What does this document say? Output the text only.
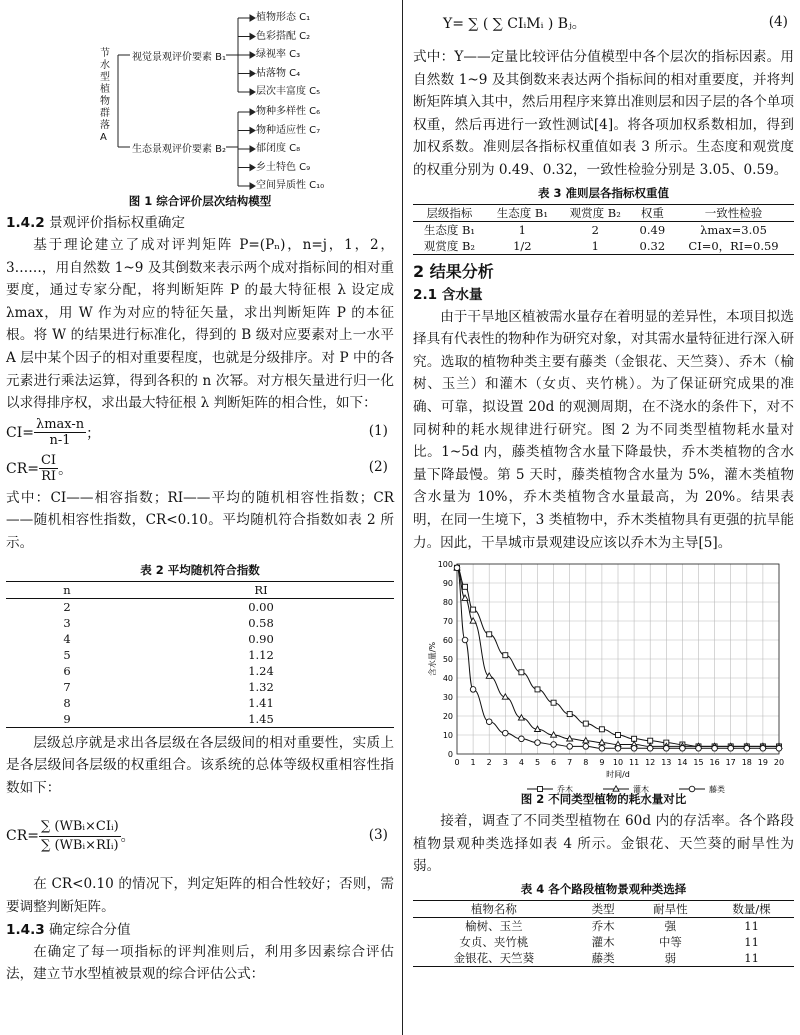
节水型植物群落A
视觉景观评价要素 B₁
生态景观评价要素 B₂
植物形态 C₁
色彩搭配 C₂
绿视率 C₃
枯落物 C₄
层次丰富度 C₅
物种多样性 C₆
物种适应性 C₇
郁闭度 C₈
乡土特色 C₉
空间异质性 C₁₀
图 1 综合评价层次结构模型
1.4.2 景观评价指标权重确定

基于理论建立了成对评判矩阵 P=(Pₙ)，n=j，1，2，3……，用自然数 1~9 及其倒数来表示两个成对指标间的相对重要度，通过专家分配，将判断矩阵 P 的最大特征根 λ 设定成 λmax，用 W 作为对应的特征矢量，求出判断矩阵 P 的本征根。将 W 的结果进行标准化，得到的 B 级对应要素对上一水平 A 层中某个因子的相对重要程度，也就是分级排序。对 P 中的各元素进行乘法运算，得到各积的 n 次幂。对方根矢量进行归一化以求得排序权，求出最大特征根 λ 判断矩阵的相合性，如下：

$CI= \frac{\lambda\max-n}{n-1}$ ；	(1)
$CR= \frac{CI}{RI}$ 。	(2)

式中：CI——相容指数；RI——平均的随机相容性指数；CR——随机相容性指数，CR<0.10。平均随机符合指数如表 2 所示。

表 2 平均随机符合指数
n	RI
2	0.00
3	0.58
4	0.90
5	1.12
6	1.24
7	1.32
8	1.41
9	1.45

层级总序就是求出各层级在各层级间的相对重要性，实质上是各层级间各层级的权重组合。该系统的总体等级权重相容性指数如下：

$CR= \frac{\text{∑ (WBᵢ×CIᵢ)}}{\text{∑ (WBᵢ×RIᵢ)}}$ 。	(3)

在 CR<0.10 的情况下，判定矩阵的相合性较好；否则，需要调整判断矩阵。

1.4.3 确定综合分值

在确定了每一项指标的评判准则后，利用多因素综合评估法，建立节水型植被景观的综合评估公式：

Y= ∑ ( ∑ CIᵢMᵢ ) Bⱼ。	(4)

式中：Y——定量比较评估分值模型中各个层次的指标因素。用自然数 1~9 及其倒数来表达两个指标间的相对重要度，并将判断矩阵填入其中，然后用程序来算出准则层和因子层的各个单项权重，然后再进行一致性测试[4]。将各项加权系数相加，得到加权系数。准则层各指标权重值如表 3 所示。生态度和观赏度的权重分别为 0.49、0.32，一致性检验分别是 3.05、0.59。

表 3 准则层各指标权重值
层级指标	生态度 B₁	观赏度 B₂	权重	一致性检验
生态度 B₁	1	2	0.49	λmax=3.05
观赏度 B₂	1/2	1	0.32	CI=0，RI=0.59
2 结果分析
2.1 含水量

由于干旱地区植被需水量存在着明显的差异性，本项目拟选择具有代表性的物种作为研究对象，对其需水量特征进行深入研究。选取的植物种类主要有藤类（金银花、天竺葵）、乔木（榆树、玉兰）和灌木（女贞、夹竹桃）。为了保证研究成果的准确、可靠，拟设置 20d 的观测周期，在不浇水的条件下，对不同树种的耗水规律进行研究。图 2 为不同类型植物耗水量对比。1~5d 内，藤类植物含水量下降最快，乔木类植物的含水量下降最慢。第 5 天时，藤类植物含水量为 5%，灌木类植物含水量为 10%，乔木类植物含水量最高，为 20%。结果表明，在同一生境下，3 类植物中，乔木类植物具有更强的抗旱能力。因此，干旱城市景观建设应该以乔木为主导[5]。

0
10
20
30
40
50
60
70
80
90
100
0 1 2 3 4 5 6 7 8 9 10 11 12 13 14 15 16 17 18 19 20
含水量/%
时间/d
乔木	灌木	藤类
图 2 不同类型植物的耗水量对比

接着，调查了不同类型植物在 60d 内的存活率。各个路段植物景观种类选择如表 4 所示。金银花、天竺葵的耐旱性为弱。

表 4 各个路段植物景观种类选择
植物名称	类型	耐旱性	数量/棵
榆树、玉兰	乔木	强	11
女贞、夹竹桃	灌木	中等	11
金银花、天竺葵	藤类	弱	11
